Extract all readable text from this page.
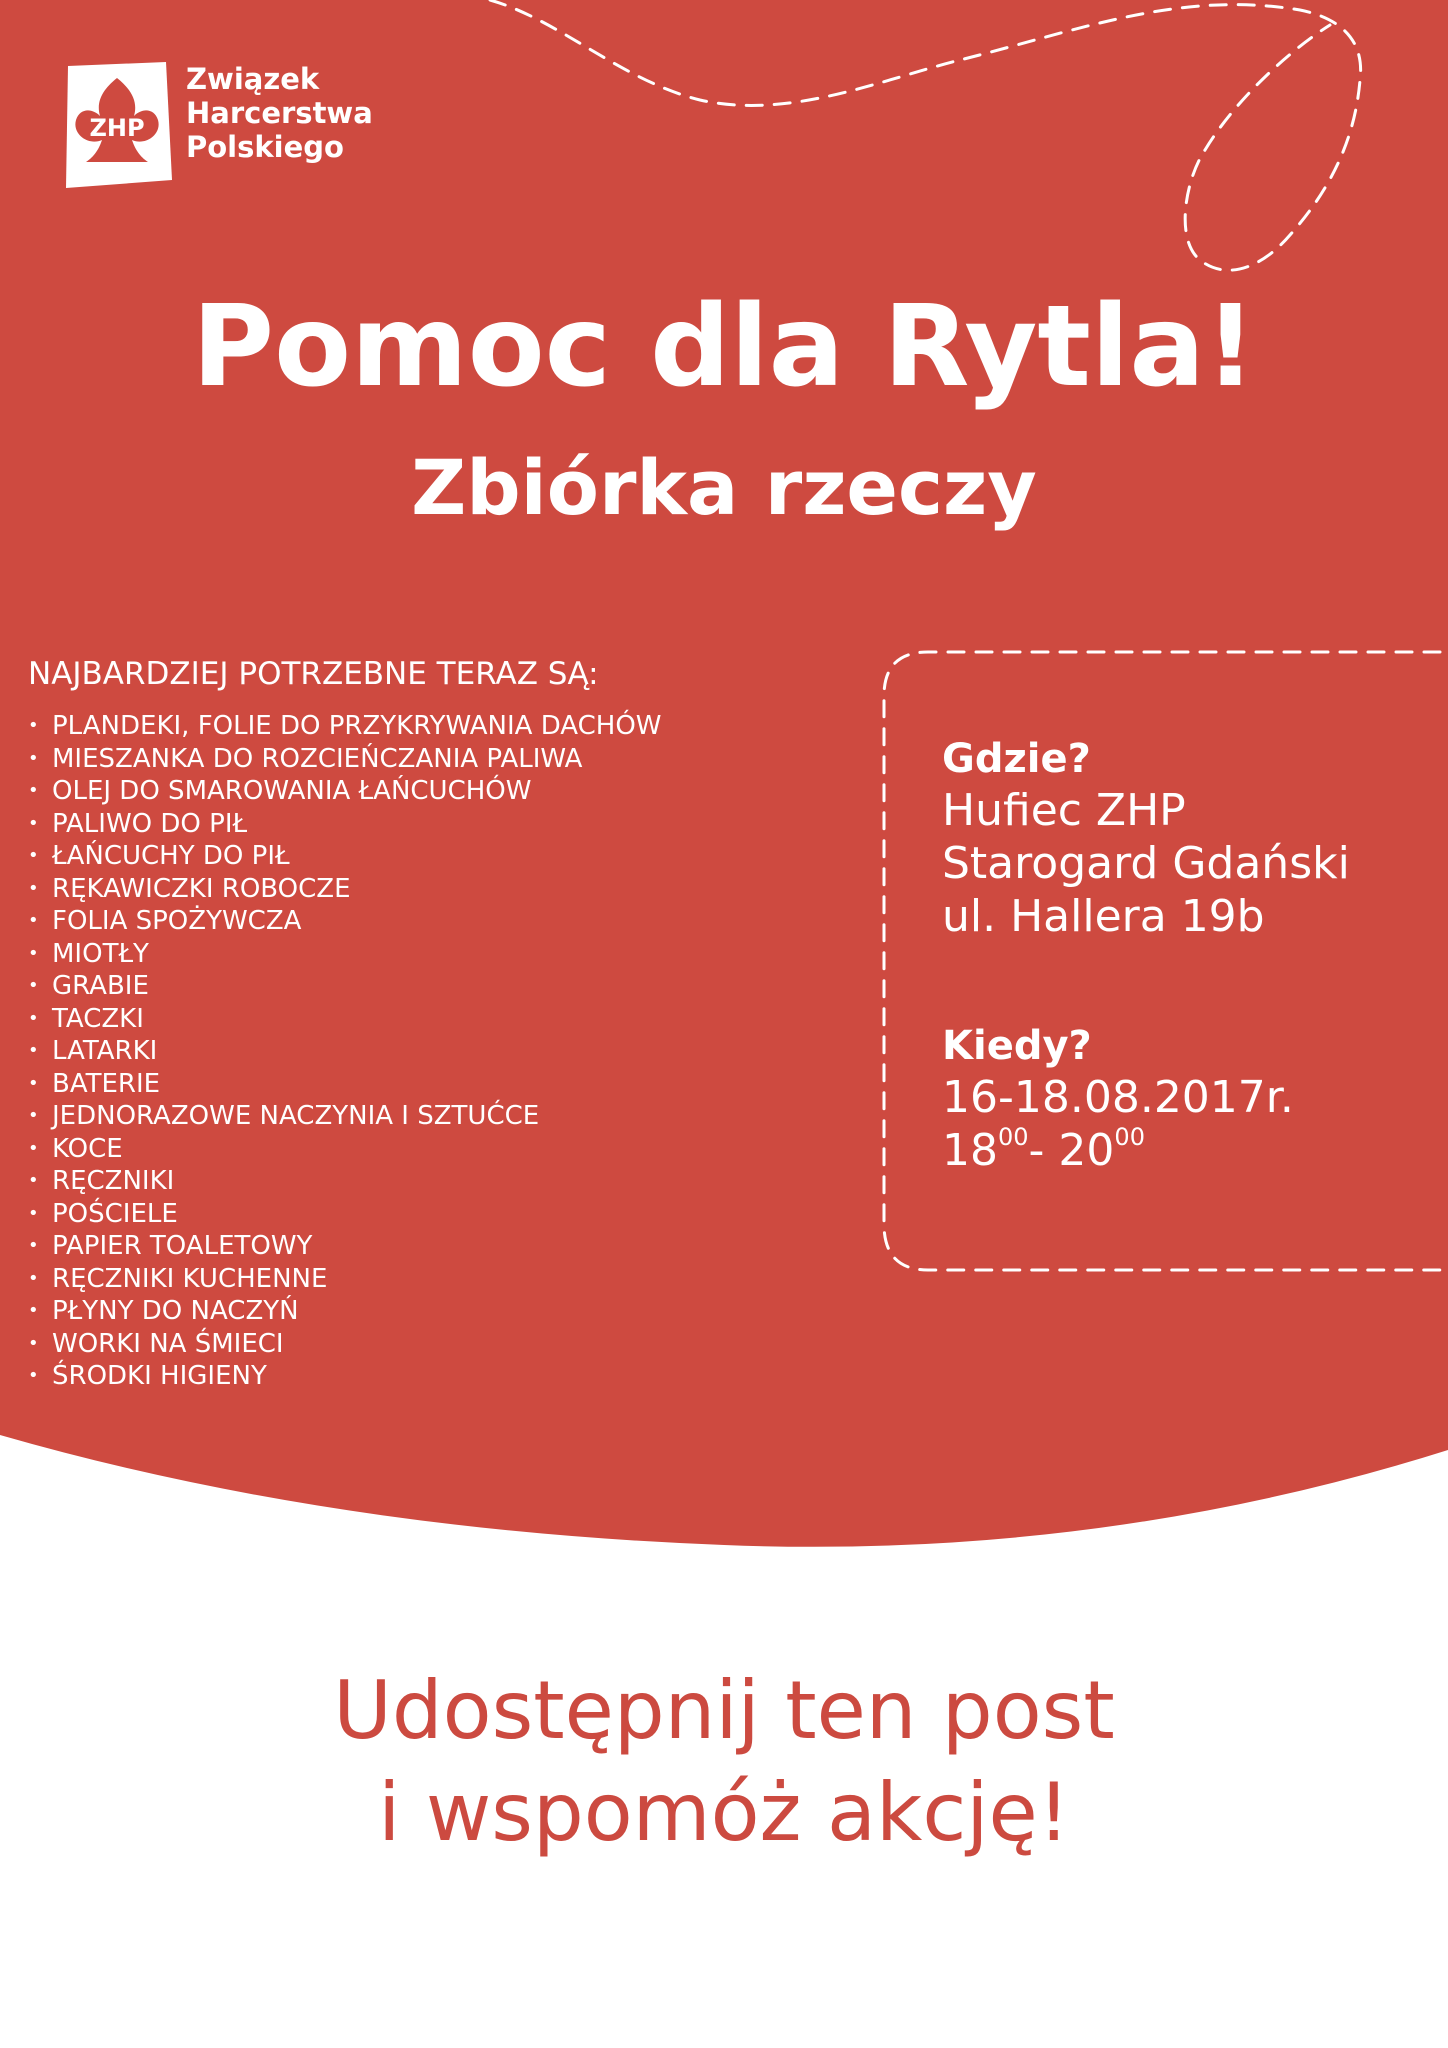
ZHP
Związek
Harcerstwa
Polskiego
Pomoc dla Rytla!
Zbiórka rzeczy
NAJBARDZIEJ POTRZEBNE TERAZ SĄ:
• PLANDEKI, FOLIE DO PRZYKRYWANIA DACHÓW
• MIESZANKA DO ROZCIEŃCZANIA PALIWA
• OLEJ DO SMAROWANIA ŁAŃCUCHÓW
• PALIWO DO PIŁ
• ŁAŃCUCHY DO PIŁ
• RĘKAWICZKI ROBOCZE
• FOLIA SPOŻYWCZA
• MIOTŁY
• GRABIE
• TACZKI
• LATARKI
• BATERIE
• JEDNORAZOWE NACZYNIA I SZTUĆCE
• KOCE
• RĘCZNIKI
• POŚCIELE
• PAPIER TOALETOWY
• RĘCZNIKI KUCHENNE
• PŁYNY DO NACZYŃ
• WORKI NA ŚMIECI
• ŚRODKI HIGIENY
Gdzie?
Hufiec ZHP
Starogard Gdański
ul. Hallera 19b
Kiedy?
16-18.08.2017r.
$18^{00}-$ $20^{00}$
Udostępnij ten post
i wspomóż akcję!
